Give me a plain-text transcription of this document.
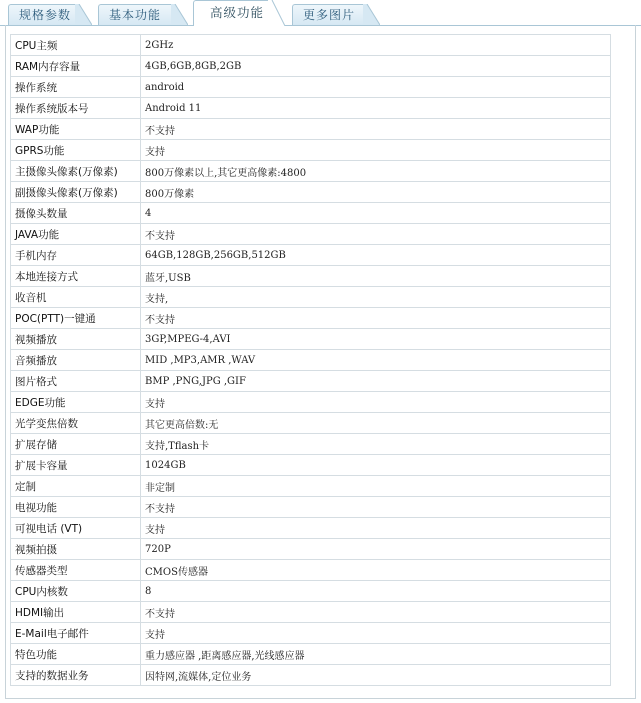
规格参数	基本功能	高级功能	更多图片
CPU主频	2GHz
RAM内存容量	4GB,6GB,8GB,2GB
操作系统	android
操作系统版本号	Android 11
WAP功能	不支持
GPRS功能	支持
主摄像头像素(万像素)	800万像素以上,其它更高像素:4800
副摄像头像素(万像素)	800万像素
摄像头数量	4
JAVA功能	不支持
手机内存	64GB,128GB,256GB,512GB
本地连接方式	蓝牙,USB
收音机	支持,
POC(PTT)一键通	不支持
视频播放	3GP,MPEG-4,AVI
音频播放	MID ,MP3,AMR ,WAV
图片格式	BMP ,PNG,JPG ,GIF
EDGE功能	支持
光学变焦倍数	其它更高倍数:无
扩展存储	支持,Tflash卡
扩展卡容量	1024GB
定制	非定制
电视功能	不支持
可视电话 (VT)	支持
视频拍摄	720P
传感器类型	CMOS传感器
CPU内核数	8
HDMI输出	不支持
E-Mail电子邮件	支持
特色功能	重力感应器 ,距离感应器,光线感应器
支持的数据业务	因特网,流媒体,定位业务
